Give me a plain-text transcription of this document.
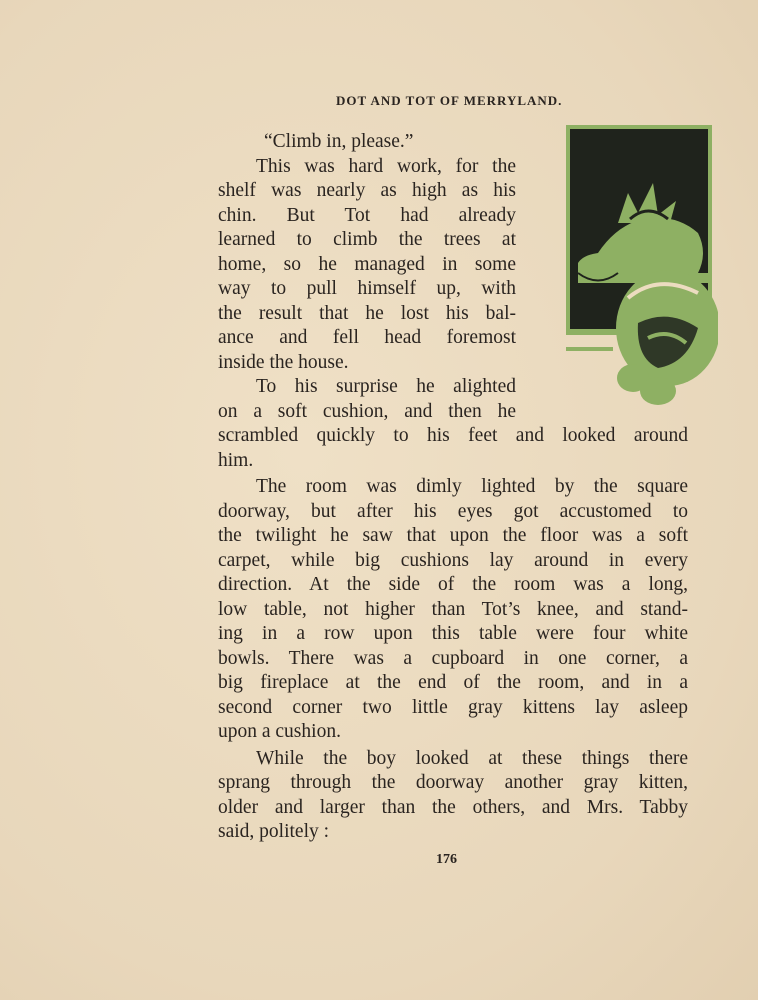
DOT AND TOT OF MERRYLAND.

“Climb in, please.”

This was hard work, for the
shelf was nearly as high as his
chin. But Tot had already
learned to climb the trees at
home, so he managed in some
way to pull himself up, with
the result that he lost his bal-
ance and fell head foremost
inside the house.
To his surprise he alighted
on a soft cushion, and then he
scrambled quickly to his feet and looked around
him.
The room was dimly lighted by the square
doorway, but after his eyes got accustomed to
the twilight he saw that upon the floor was a soft
carpet, while big cushions lay around in every
direction. At the side of the room was a long,
low table, not higher than Tot’s knee, and stand-
ing in a row upon this table were four white
bowls. There was a cupboard in one corner, a
big fireplace at the end of the room, and in a
second corner two little gray kittens lay asleep
upon a cushion.
While the boy looked at these things there
sprang through the doorway another gray kitten,
older and larger than the others, and Mrs. Tabby
said, politely :
176
